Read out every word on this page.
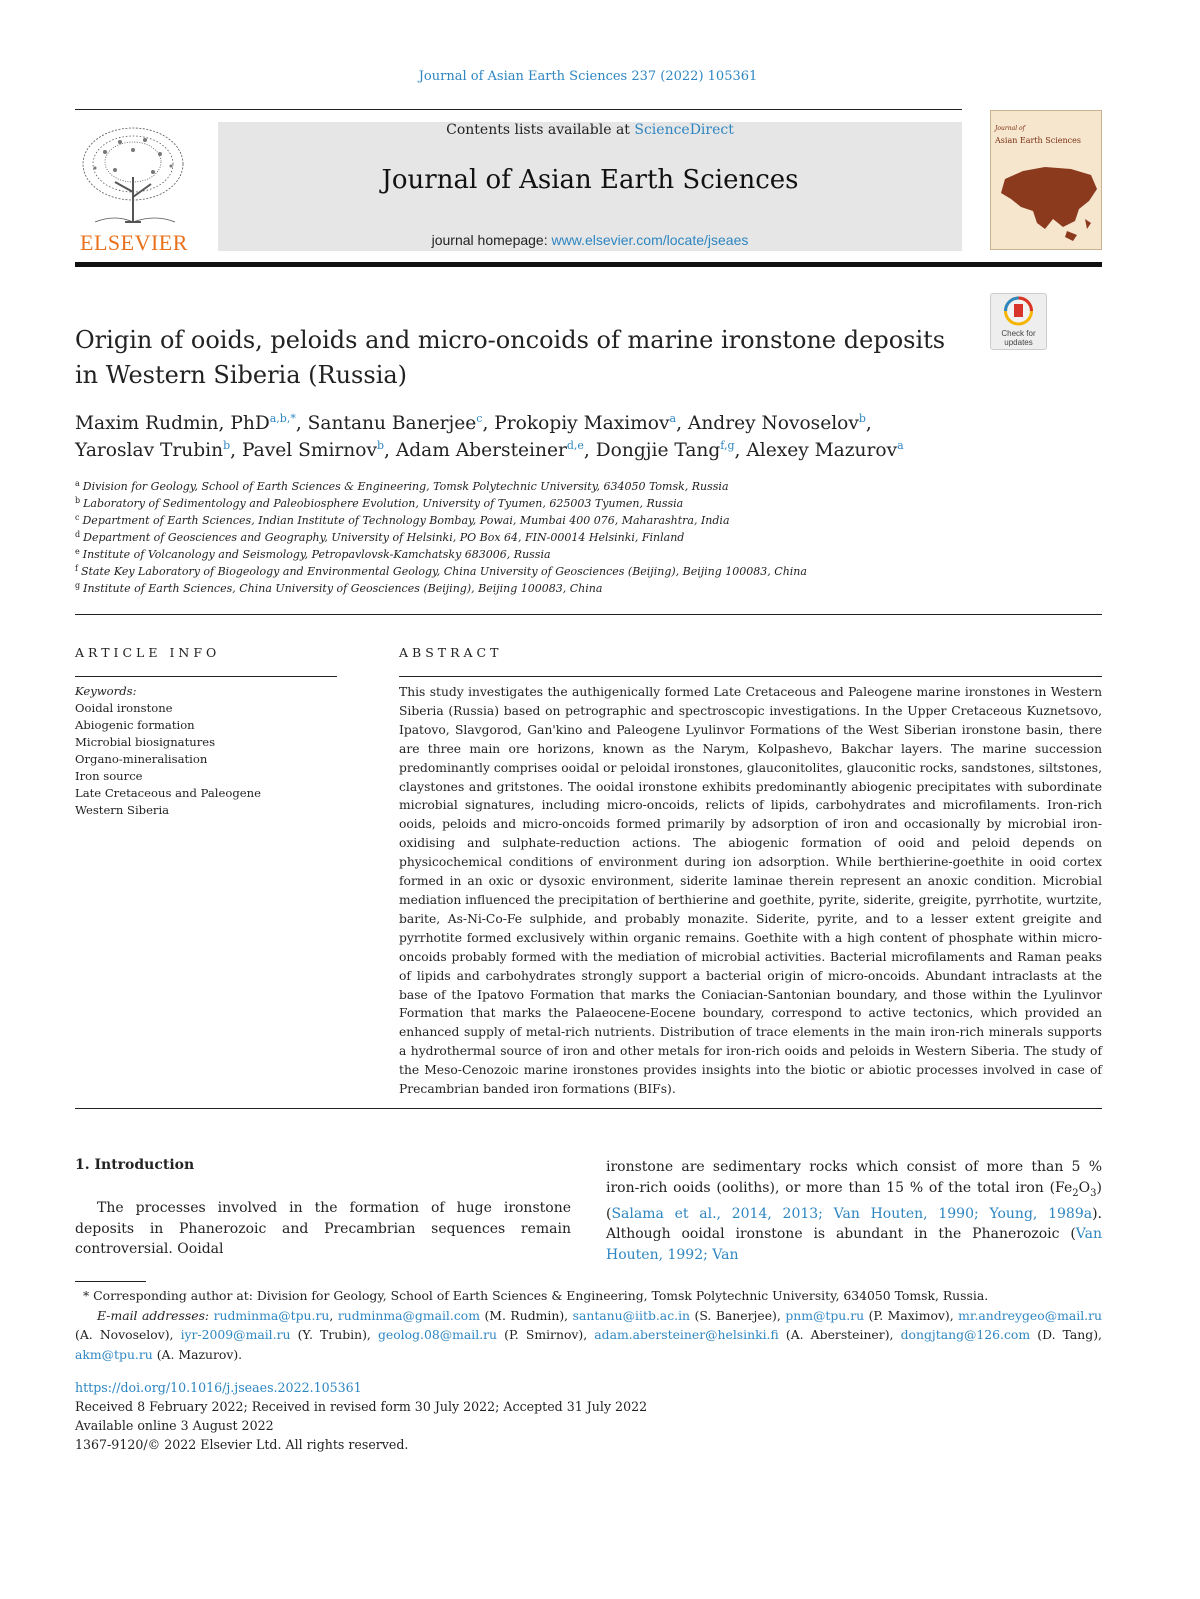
Journal of Asian Earth Sciences 237 (2022) 105361
ELSEVIER
Contents lists available at ScienceDirect
Journal of Asian Earth Sciences
journal homepage: www.elsevier.com/locate/jseaes
Journal of
Asian Earth Sciences
Origin of ooids, peloids and micro-oncoids of marine ironstone deposits in Western Siberia (Russia)
Check for
updates
Maxim Rudmin, PhD$^{a,b,*}$, Santanu Banerjee$^c$, Prokopiy Maximov$^a$, Andrey Novoselov$^b$,
Yaroslav Trubin$^b$, Pavel Smirnov$^b$, Adam Abersteiner$^{d,e}$, Dongjie Tang$^{f,g}$, Alexey Mazurov$^a$
$^a$ Division for Geology, School of Earth Sciences & Engineering, Tomsk Polytechnic University, 634050 Tomsk, Russia
$^b$ Laboratory of Sedimentology and Paleobiosphere Evolution, University of Tyumen, 625003 Tyumen, Russia
$^c$ Department of Earth Sciences, Indian Institute of Technology Bombay, Powai, Mumbai 400 076, Maharashtra, India
$^d$ Department of Geosciences and Geography, University of Helsinki, PO Box 64, FIN-00014 Helsinki, Finland
$^e$ Institute of Volcanology and Seismology, Petropavlovsk-Kamchatsky 683006, Russia
$^f$ State Key Laboratory of Biogeology and Environmental Geology, China University of Geosciences (Beijing), Beijing 100083, China
$^g$ Institute of Earth Sciences, China University of Geosciences (Beijing), Beijing 100083, China
ARTICLE INFO	ABSTRACT
Keywords:
Ooidal ironstone
Abiogenic formation
Microbial biosignatures
Organo-mineralisation
Iron source
Late Cretaceous and Paleogene
Western Siberia
This study investigates the authigenically formed Late Cretaceous and Paleogene marine ironstones in Western Siberia (Russia) based on petrographic and spectroscopic investigations. In the Upper Cretaceous Kuznetsovo, Ipatovo, Slavgorod, Gan'kino and Paleogene Lyulinvor Formations of the West Siberian ironstone basin, there are three main ore horizons, known as the Narym, Kolpashevo, Bakchar layers. The marine succession predominantly comprises ooidal or peloidal ironstones, glauconitolites, glauconitic rocks, sandstones, siltstones, claystones and gritstones. The ooidal ironstone exhibits predominantly abiogenic precipitates with subordinate microbial signatures, including micro-oncoids, relicts of lipids, carbohydrates and microfilaments. Iron-rich ooids, peloids and micro-oncoids formed primarily by adsorption of iron and occasionally by microbial iron-oxidising and sulphate-reduction actions. The abiogenic formation of ooid and peloid depends on physicochemical conditions of environment during ion adsorption. While berthierine-goethite in ooid cortex formed in an oxic or dysoxic environment, siderite laminae therein represent an anoxic condition. Microbial mediation influenced the precipitation of berthierine and goethite, pyrite, siderite, greigite, pyrrhotite, wurtzite, barite, As-Ni-Co-Fe sulphide, and probably monazite. Siderite, pyrite, and to a lesser extent greigite and pyrrhotite formed exclusively within organic remains. Goethite with a high content of phosphate within micro-oncoids probably formed with the mediation of microbial activities. Bacterial microfilaments and Raman peaks of lipids and carbohydrates strongly support a bacterial origin of micro-oncoids. Abundant intraclasts at the base of the Ipatovo Formation that marks the Coniacian-Santonian boundary, and those within the Lyulinvor Formation that marks the Palaeocene-Eocene boundary, correspond to active tectonics, which provided an enhanced supply of metal-rich nutrients. Distribution of trace elements in the main iron-rich minerals supports a hydrothermal source of iron and other metals for iron-rich ooids and peloids in Western Siberia. The study of the Meso-Cenozoic marine ironstones provides insights into the biotic or abiotic processes involved in case of Precambrian banded iron formations (BIFs).
1. Introduction
The processes involved in the formation of huge ironstone deposits in Phanerozoic and Precambrian sequences remain controversial. Ooidal
ironstone are sedimentary rocks which consist of more than 5 % iron-rich ooids (ooliths), or more than 15 % of the total iron $(Fe_2O_3)$ (Salama et al., 2014, 2013; Van Houten, 1990; Young, 1989a). Although ooidal ironstone is abundant in the Phanerozoic (Van Houten, 1992; Van
* Corresponding author at: Division for Geology, School of Earth Sciences & Engineering, Tomsk Polytechnic University, 634050 Tomsk, Russia.
E-mail addresses: rudminma@tpu.ru, rudminma@gmail.com (M. Rudmin), santanu@iitb.ac.in (S. Banerjee), pnm@tpu.ru (P. Maximov), mr.andreygeo@mail.ru (A. Novoselov), iyr-2009@mail.ru (Y. Trubin), geolog.08@mail.ru (P. Smirnov), adam.abersteiner@helsinki.fi (A. Abersteiner), dongjtang@126.com (D. Tang), akm@tpu.ru (A. Mazurov).
https://doi.org/10.1016/j.jseaes.2022.105361
Received 8 February 2022; Received in revised form 30 July 2022; Accepted 31 July 2022
Available online 3 August 2022
1367-9120/© 2022 Elsevier Ltd. All rights reserved.
